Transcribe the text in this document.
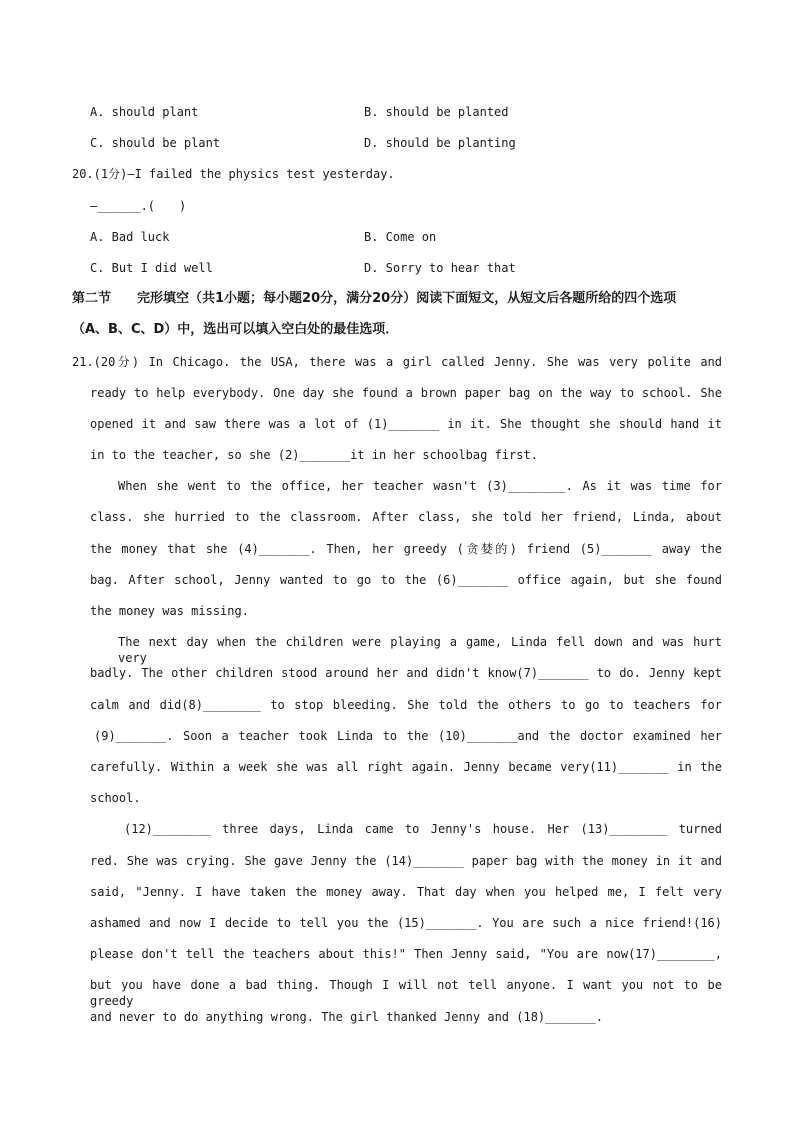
A. should plant	B. should be planted
C. should be plant	D. should be planting
20.(1分)–I failed the physics test yesterday.
–______.(　　)
A. Bad luck	B. Come on
C. But I did well	D. Sorry to hear that
第二节　　完形填空（共1小题；每小题20分，满分20分）阅读下面短文，从短文后各题所给的四个选项
（A、B、C、D）中，选出可以填入空白处的最佳选项．
21.(20分) In Chicago. the USA, there was a girl called Jenny. She was very polite and
ready to help everybody. One day she found a brown paper bag on the way to school. She
opened it and saw there was a lot of (1)_______ in it. She thought she should hand it
in to the teacher, so she (2)_______it in her schoolbag first.
When she went to the office, her teacher wasn't (3)________. As it was time for
class. she hurried to the classroom. After class, she told her friend, Linda, about
the money that she (4)_______. Then, her greedy (贪婪的) friend (5)_______ away the
bag. After school, Jenny wanted to go to the (6)_______ office again, but she found
the money was missing.
The next day when the children were playing a game, Linda fell down and was hurt very
badly. The other children stood around her and didn't know(7)_______ to do. Jenny kept
calm and did(8)________ to stop bleeding. She told the others to go to teachers for
(9)_______. Soon a teacher took Linda to the (10)_______and the doctor examined her
carefully. Within a week she was all right again. Jenny became very(11)_______ in the
school.
(12)________ three days, Linda came to Jenny's house. Her (13)________ turned
red. She was crying. She gave Jenny the (14)_______ paper bag with the money in it and
said, "Jenny. I have taken the money away. That day when you helped me, I felt very
ashamed and now I decide to tell you the (15)_______. You are such a nice friend!(16)
please don't tell the teachers about this!" Then Jenny said, "You are now(17)________,
but you have done a bad thing. Though I will not tell anyone. I want you not to be greedy
and never to do anything wrong. The girl thanked Jenny and (18)_______.
